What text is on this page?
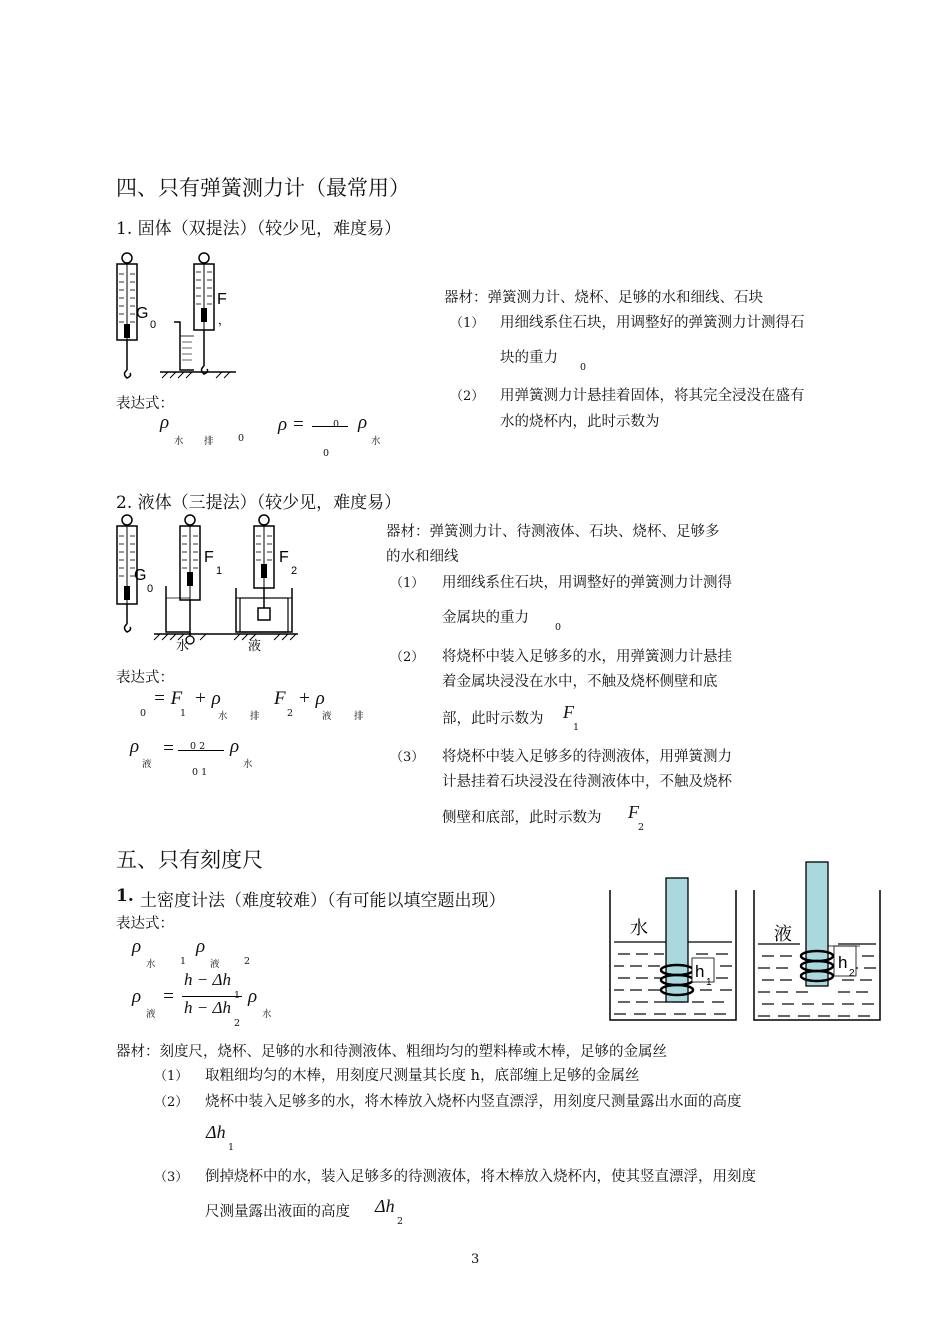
四、只有弹簧测力计（最常用）
1. 固体（双提法）（较少见，难度易）
G
0
F
，
表达式：
ρ
水 排	0
ρ =	0
0
ρ
水
器材：弹簧测力计、烧杯、足够的水和细线、石块
（1） 用细线系住石块，用调整好的弹簧测力计测得石
块的重力
0
（2） 用弹簧测力计悬挂着固体，将其完全浸没在盛有
水的烧杯内，此时示数为
2. 液体（三提法）（较少见，难度易）
G
0
F
1
F
2
水	液
表达式：
0
= F
1
+ ρ
水 排
F
2
+ ρ
液 排
ρ
液
= 0 2
0 1
ρ
水
器材：弹簧测力计、待测液体、石块、烧杯、足够多
的水和细线
（1） 用细线系住石块，用调整好的弹簧测力计测得
金属块的重力
0
（2） 将烧杯中装入足够多的水，用弹簧测力计悬挂
着金属块浸没在水中，不触及烧杯侧壁和底
部，此时示数为 F
1
（3） 将烧杯中装入足够多的待测液体，用弹簧测力
计悬挂着石块浸没在待测液体中，不触及烧杯
侧壁和底部，此时示数为 F
2
五、只有刻度尺
1. 土密度计法（难度较难）（有可能以填空题出现）
表达式：
ρ
水	1
ρ
液	2
ρ
液
=
h − Δh
1
h − Δh
2
ρ
水
水
h
1
液
h
2
器材：刻度尺，烧杯、足够的水和待测液体、粗细均匀的塑料棒或木棒，足够的金属丝
（1） 取粗细均匀的木棒，用刻度尺测量其长度 h，底部缠上足够的金属丝
（2） 烧杯中装入足够多的水，将木棒放入烧杯内竖直漂浮，用刻度尺测量露出水面的高度
Δh
1
（3） 倒掉烧杯中的水，装入足够多的待测液体，将木棒放入烧杯内，使其竖直漂浮，用刻度
尺测量露出液面的高度 Δh
2
3
